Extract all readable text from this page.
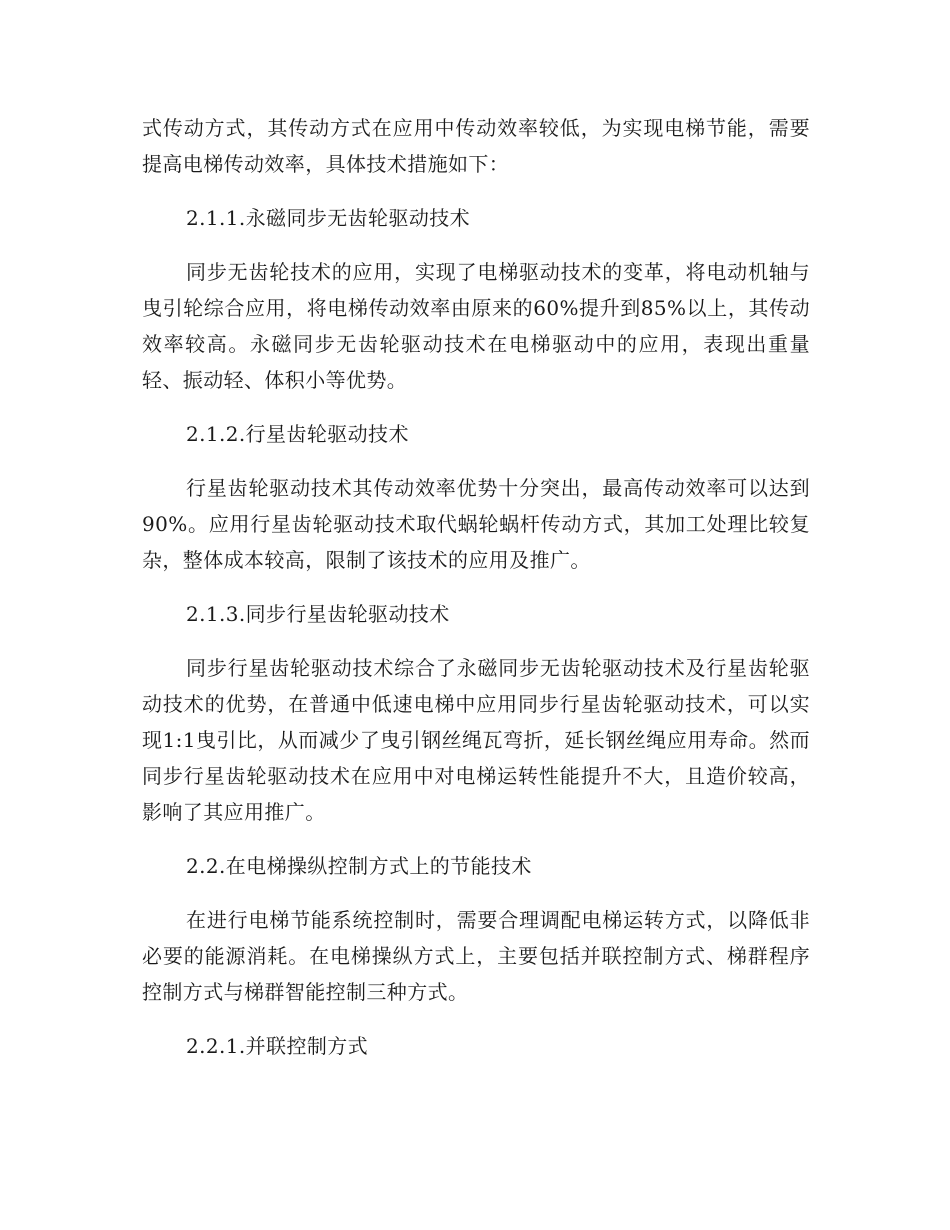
式传动方式，其传动方式在应用中传动效率较低，为实现电梯节能，需要提高电梯传动效率，具体技术措施如下：

2.1.1.永磁同步无齿轮驱动技术

同步无齿轮技术的应用，实现了电梯驱动技术的变革，将电动机轴与曳引轮综合应用，将电梯传动效率由原来的60%提升到85%以上，其传动效率较高。永磁同步无齿轮驱动技术在电梯驱动中的应用，表现出重量轻、振动轻、体积小等优势。

2.1.2.行星齿轮驱动技术

行星齿轮驱动技术其传动效率优势十分突出，最高传动效率可以达到90%。应用行星齿轮驱动技术取代蜗轮蜗杆传动方式，其加工处理比较复杂，整体成本较高，限制了该技术的应用及推广。

2.1.3.同步行星齿轮驱动技术

同步行星齿轮驱动技术综合了永磁同步无齿轮驱动技术及行星齿轮驱动技术的优势，在普通中低速电梯中应用同步行星齿轮驱动技术，可以实现1:1曳引比，从而减少了曳引钢丝绳瓦弯折，延长钢丝绳应用寿命。然而同步行星齿轮驱动技术在应用中对电梯运转性能提升不大，且造价较高，影响了其应用推广。

2.2.在电梯操纵控制方式上的节能技术

在进行电梯节能系统控制时，需要合理调配电梯运转方式，以降低非必要的能源消耗。在电梯操纵方式上，主要包括并联控制方式、梯群程序控制方式与梯群智能控制三种方式。

2.2.1.并联控制方式
